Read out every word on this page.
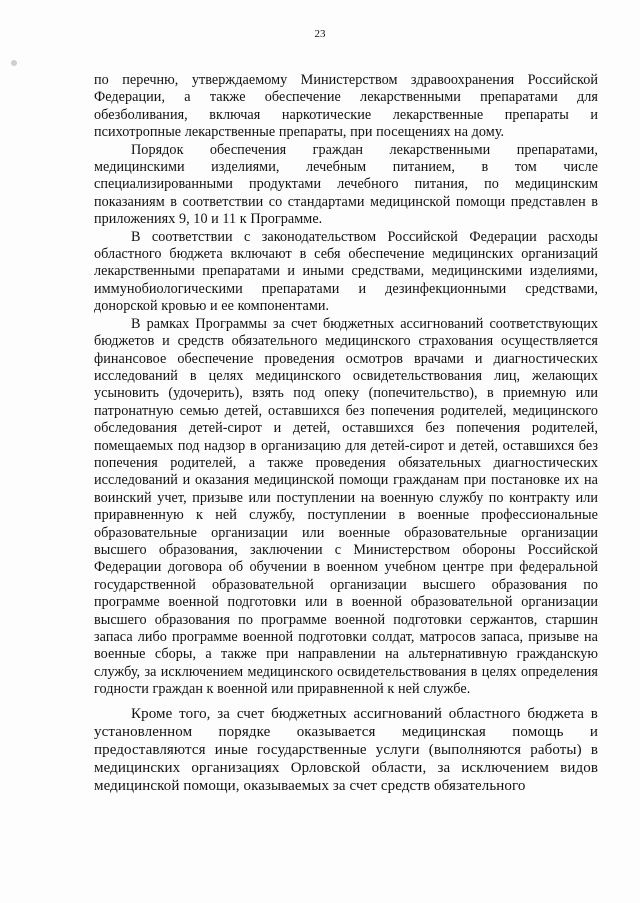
23

по перечню, утверждаемому Министерством здравоохранения Российской Федерации, а также обеспечение лекарственными препаратами для обезболивания, включая наркотические лекарственные препараты и психотропные лекарственные препараты, при посещениях на дому.

Порядок обеспечения граждан лекарственными препаратами, медицинскими изделиями, лечебным питанием, в том числе специализированными продуктами лечебного питания, по медицинским показаниям в соответствии со стандартами медицинской помощи представлен в приложениях 9, 10 и 11 к Программе.

В соответствии с законодательством Российской Федерации расходы областного бюджета включают в себя обеспечение медицинских организаций лекарственными препаратами и иными средствами, медицинскими изделиями, иммунобиологическими препаратами и дезинфекционными средствами, донорской кровью и ее компонентами.

В рамках Программы за счет бюджетных ассигнований соответствующих бюджетов и средств обязательного медицинского страхования осуществляется финансовое обеспечение проведения осмотров врачами и диагностических исследований в целях медицинского освидетельствования лиц, желающих усыновить (удочерить), взять под опеку (попечительство), в приемную или патронатную семью детей, оставшихся без попечения родителей, медицинского обследования детей-сирот и детей, оставшихся без попечения родителей, помещаемых под надзор в организацию для детей-сирот и детей, оставшихся без попечения родителей, а также проведения обязательных диагностических исследований и оказания медицинской помощи гражданам при постановке их на воинский учет, призыве или поступлении на военную службу по контракту или приравненную к ней службу, поступлении в военные профессиональные образовательные организации или военные образовательные организации высшего образования, заключении с Министерством обороны Российской Федерации договора об обучении в военном учебном центре при федеральной государственной образовательной организации высшего образования по программе военной подготовки или в военной образовательной организации высшего образования по программе военной подготовки сержантов, старшин запаса либо программе военной подготовки солдат, матросов запаса, призыве на военные сборы, а также при направлении на альтернативную гражданскую службу, за исключением медицинского освидетельствования в целях определения годности граждан к военной или приравненной к ней службе.

Кроме того, за счет бюджетных ассигнований областного бюджета в установленном порядке оказывается медицинская помощь и предоставляются иные государственные услуги (выполняются работы) в медицинских организациях Орловской области, за исключением видов медицинской помощи, оказываемых за счет средств обязательного
